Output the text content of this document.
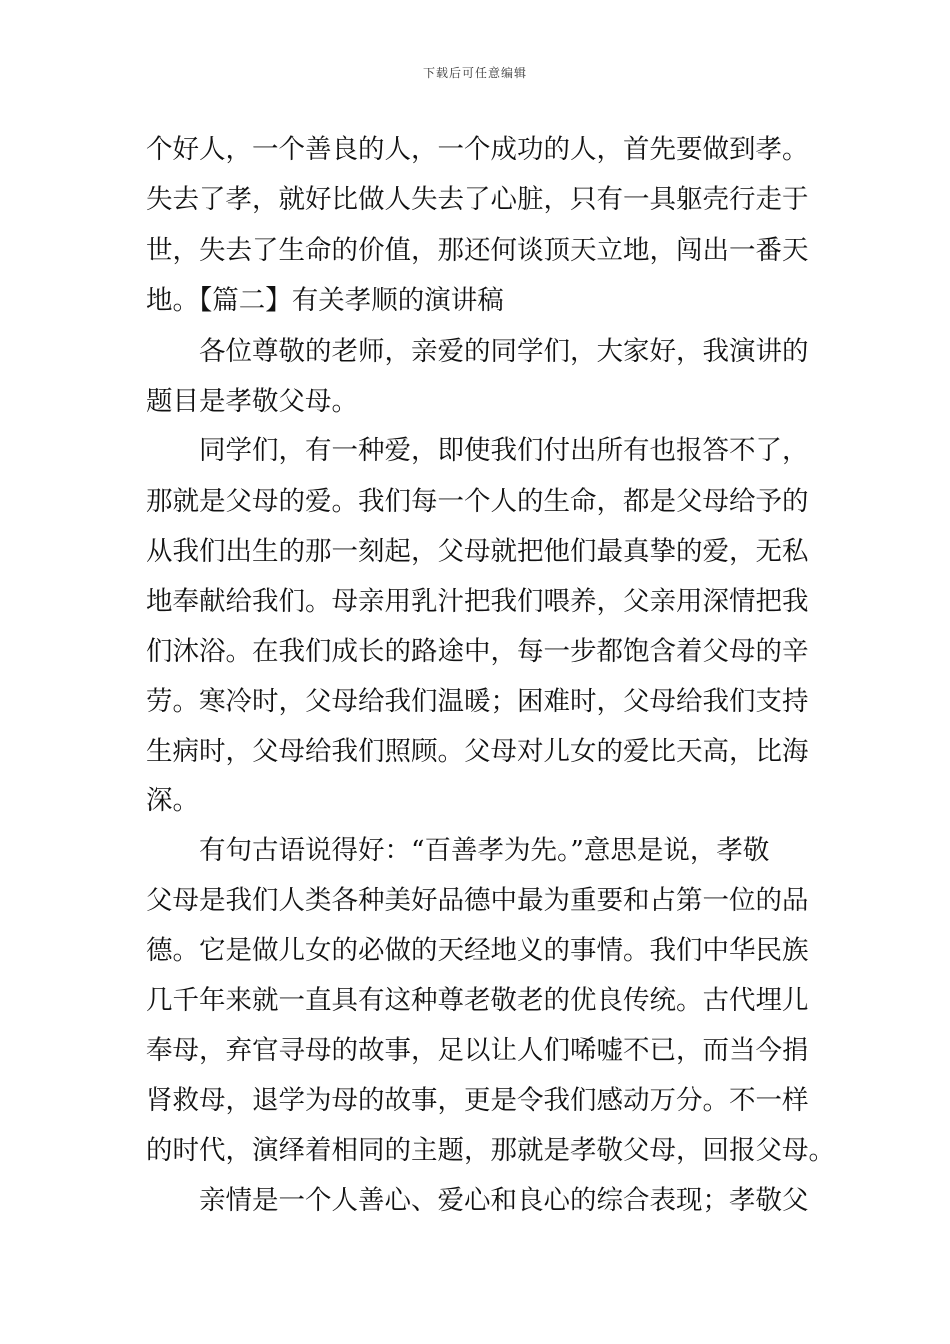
下载后可任意编辑
个好人，一个善良的人，一个成功的人，首先要做到孝。
失去了孝，就好比做人失去了心脏，只有一具躯壳行走于
世，失去了生命的价值，那还何谈顶天立地，闯出一番天
地。【篇二】有关孝顺的演讲稿
　　各位尊敬的老师，亲爱的同学们，大家好，我演讲的
题目是孝敬父母。
　　同学们，有一种爱，即使我们付出所有也报答不了，
那就是父母的爱。我们每一个人的生命，都是父母给予的
从我们出生的那一刻起，父母就把他们最真挚的爱，无私
地奉献给我们。母亲用乳汁把我们喂养，父亲用深情把我
们沐浴。在我们成长的路途中，每一步都饱含着父母的辛
劳。寒冷时，父母给我们温暖；困难时，父母给我们支持
生病时，父母给我们照顾。父母对儿女的爱比天高，比海
深。
　　有句古语说得好：“百善孝为先。”意思是说，孝敬
父母是我们人类各种美好品德中最为重要和占第一位的品
德。它是做儿女的必做的天经地义的事情。我们中华民族
几千年来就一直具有这种尊老敬老的优良传统。古代埋儿
奉母，弃官寻母的故事，足以让人们唏嘘不已，而当今捐
肾救母，退学为母的故事，更是令我们感动万分。不一样
的时代，演绎着相同的主题，那就是孝敬父母，回报父母。
　　亲情是一个人善心、爱心和良心的综合表现；孝敬父
